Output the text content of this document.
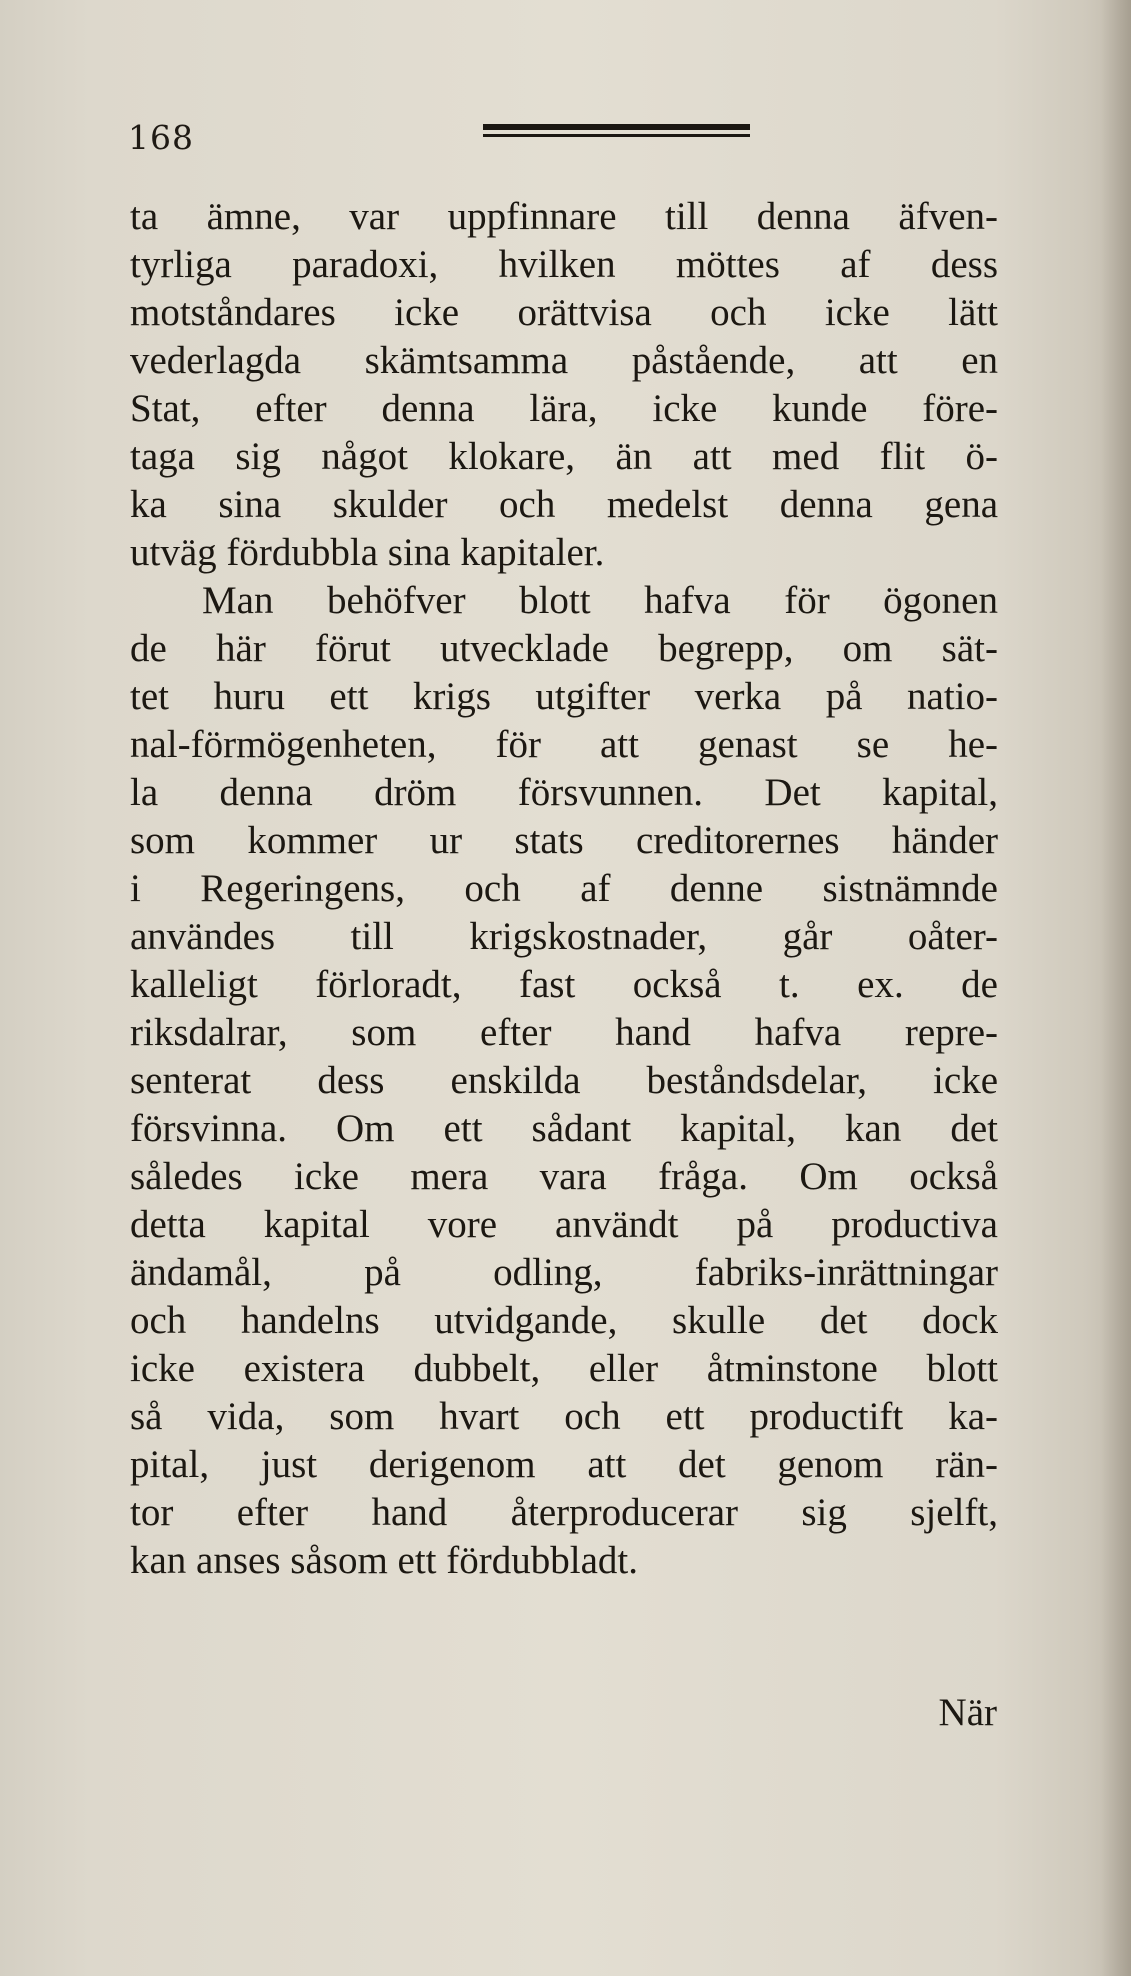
168
ta ämne, var uppfinnare till denna äfven-
tyrliga paradoxi, hvilken möttes af dess
motståndares icke orättvisa och icke lätt
vederlagda skämtsamma påstående, att en
Stat, efter denna lära, icke kunde före-
taga sig något klokare, än att med flit ö-
ka sina skulder och medelst denna gena
utväg fördubbla sina kapitaler.
Man behöfver blott hafva för ögonen
de här förut utvecklade begrepp, om sät-
tet huru ett krigs utgifter verka på natio-
nal-förmögenheten, för att genast se he-
la denna dröm försvunnen. Det kapital,
som kommer ur stats creditorernes händer
i Regeringens, och af denne sistnämnde
användes till krigskostnader, går oåter-
kalleligt förloradt, fast också t. ex. de
riksdalrar, som efter hand hafva repre-
senterat dess enskilda beståndsdelar, icke
försvinna. Om ett sådant kapital, kan det
således icke mera vara fråga. Om också
detta kapital vore användt på productiva
ändamål, på odling, fabriks-inrättningar
och handelns utvidgande, skulle det dock
icke existera dubbelt, eller åtminstone blott
så vida, som hvart och ett productift ka-
pital, just derigenom att det genom rän-
tor efter hand återproducerar sig sjelft,
kan anses såsom ett fördubbladt.
När
